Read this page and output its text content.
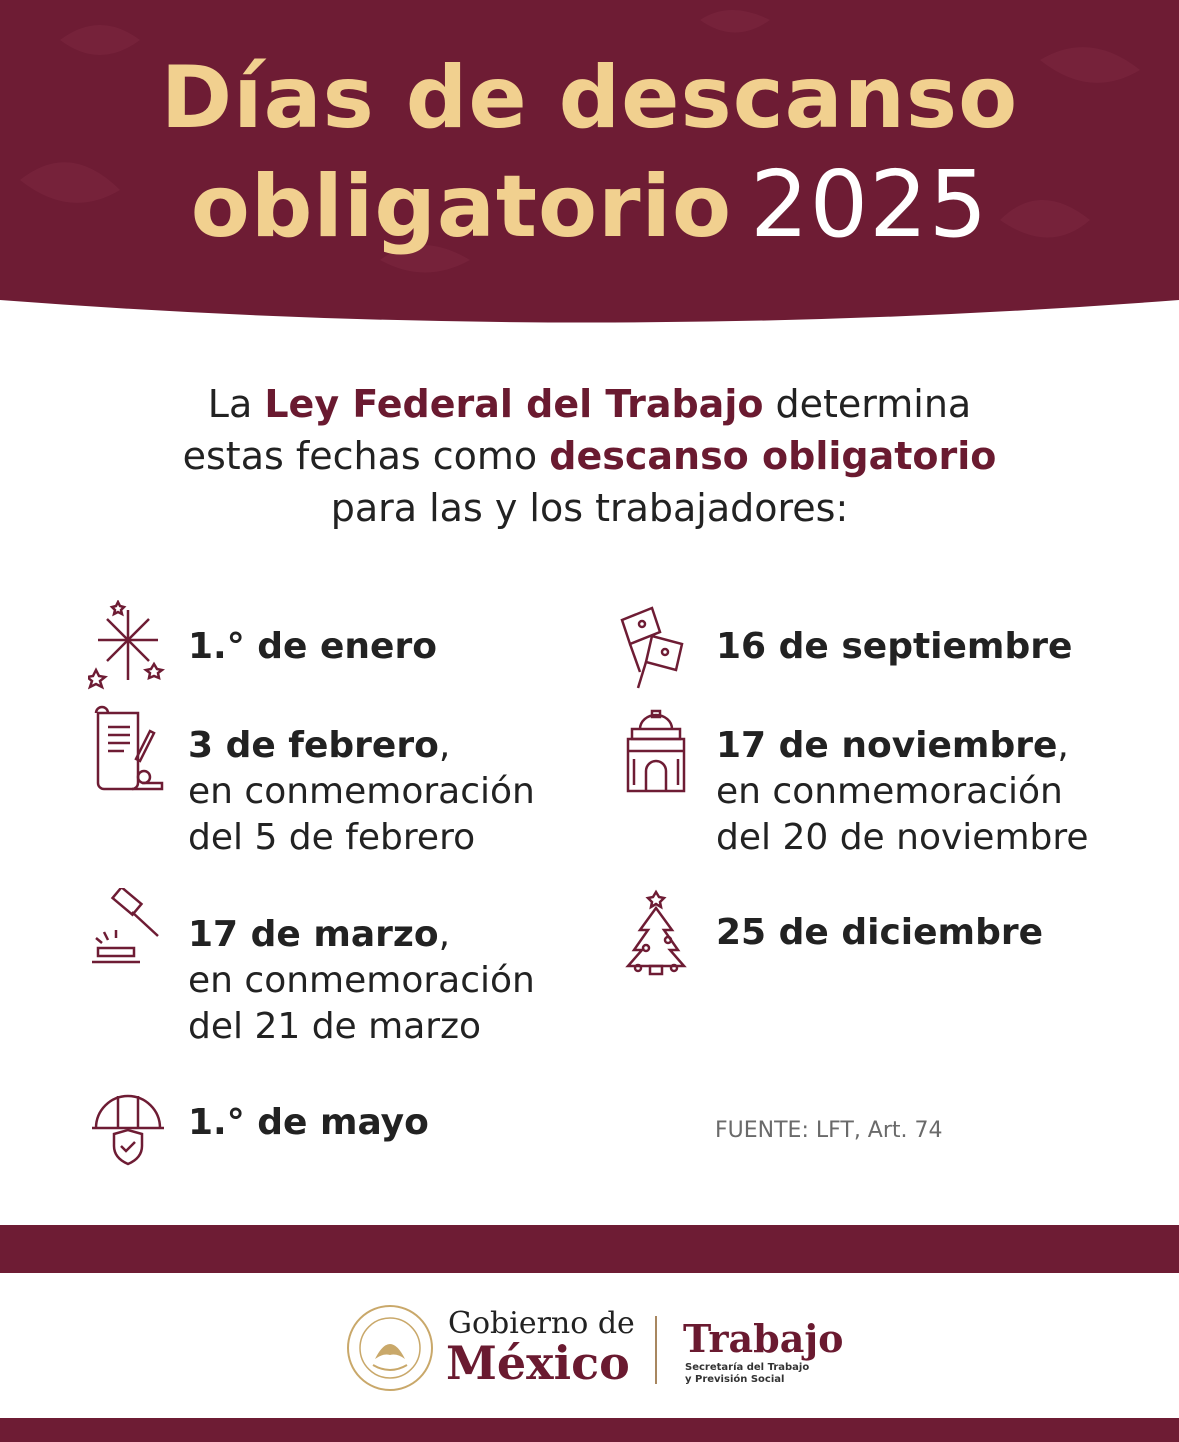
Días de descanso
obligatorio 2025
La Ley Federal del Trabajo determina
estas fechas como descanso obligatorio
para las y los trabajadores:
1.° de enero
3 de febrero,
en conmemoración
del 5 de febrero
17 de marzo,
en conmemoración
del 21 de marzo
1.° de mayo
16 de septiembre
17 de noviembre,
en conmemoración
del 20 de noviembre
25 de diciembre
FUENTE: LFT, Art. 74
Gobierno de
México Trabajo
Secretaría del Trabajo
y Previsión Social
